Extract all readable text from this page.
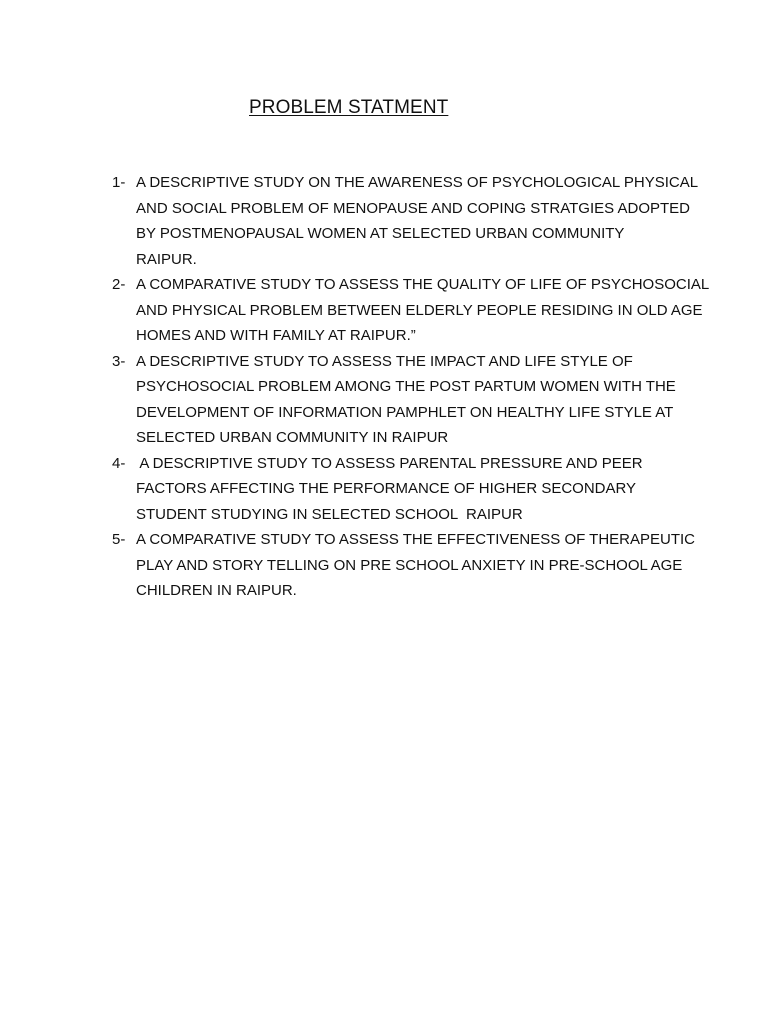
PROBLEM STATMENT
1- A DESCRIPTIVE STUDY ON THE AWARENESS OF PSYCHOLOGICAL PHYSICAL
AND SOCIAL PROBLEM OF MENOPAUSE AND COPING STRATGIES ADOPTED
BY POSTMENOPAUSAL WOMEN AT SELECTED URBAN COMMUNITY
RAIPUR.
2- A COMPARATIVE STUDY TO ASSESS THE QUALITY OF LIFE OF PSYCHOSOCIAL
AND PHYSICAL PROBLEM BETWEEN ELDERLY PEOPLE RESIDING IN OLD AGE
HOMES AND WITH FAMILY AT RAIPUR.”
3- A DESCRIPTIVE STUDY TO ASSESS THE IMPACT AND LIFE STYLE OF
PSYCHOSOCIAL PROBLEM AMONG THE POST PARTUM WOMEN WITH THE
DEVELOPMENT OF INFORMATION PAMPHLET ON HEALTHY LIFE STYLE AT
SELECTED URBAN COMMUNITY IN RAIPUR
4- A DESCRIPTIVE STUDY TO ASSESS PARENTAL PRESSURE AND PEER
FACTORS AFFECTING THE PERFORMANCE OF HIGHER SECONDARY
STUDENT STUDYING IN SELECTED SCHOOL  RAIPUR
5- A COMPARATIVE STUDY TO ASSESS THE EFFECTIVENESS OF THERAPEUTIC
PLAY AND STORY TELLING ON PRE SCHOOL ANXIETY IN PRE-SCHOOL AGE
CHILDREN IN RAIPUR.
